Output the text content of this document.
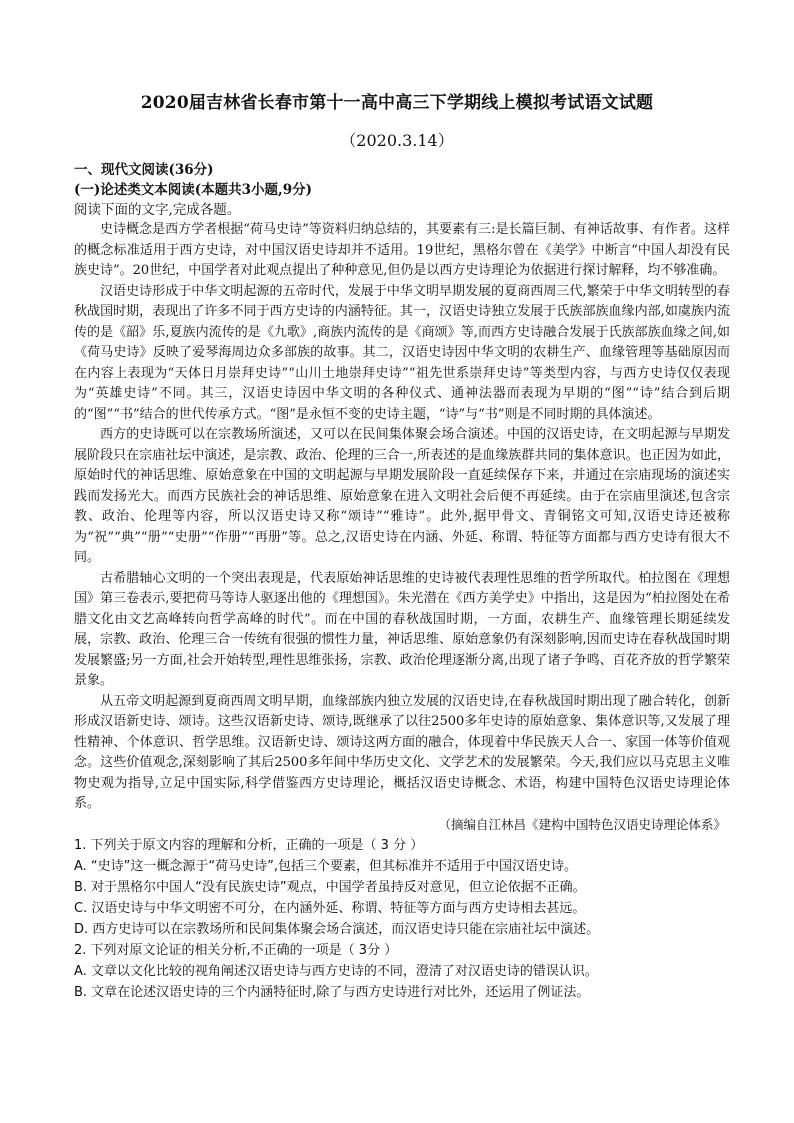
2020届吉林省长春市第十一高中高三下学期线上模拟考试语文试题
（2020.3.14）

一、现代文阅读(36分)

(一)论述类文本阅读(本题共3小题,9分)

阅读下面的文字,完成各题。

史诗概念是西方学者根据“荷马史诗”等资料归纳总结的，其要素有三:是长篇巨制、有神话故事、有作者。这样的概念标准适用于西方史诗，对中国汉语史诗却并不适用。19世纪，黑格尔曾在《美学》中断言“中国人却没有民族史诗”。20世纪，中国学者对此观点提出了种种意见,但仍是以西方史诗理论为依据进行探讨解释，均不够准确。

汉语史诗形成于中华文明起源的五帝时代，发展于中华文明早期发展的夏商西周三代,繁荣于中华文明转型的春秋战国时期，表现出了许多不同于西方史诗的内涵特征。其一，汉语史诗独立发展于氏族部族血缘内部,如虞族内流传的是《韶》乐,夏族内流传的是《九歌》,商族内流传的是《商颂》等,而西方史诗融合发展于氏族部族血缘之间,如《荷马史诗》反映了爱琴海周边众多部族的故事。其二，汉语史诗因中华文明的农耕生产、血缘管理等基础原因而在内容上表现为“天体日月崇拜史诗”“山川土地崇拜史诗”“祖先世系崇拜史诗”等类型内容，与西方史诗仅仅表现为“英雄史诗”不同。其三，汉语史诗因中华文明的各种仪式、通神法器而表现为早期的“图”“诗”结合到后期的“图”“书”结合的世代传承方式。“图”是永恒不变的史诗主题，“诗”与“书”则是不同时期的具体演述。

西方的史诗既可以在宗教场所演述，又可以在民间集体聚会场合演述。中国的汉语史诗，在文明起源与早期发展阶段只在宗庙社坛中演述，是宗教、政治、伦理的三合一,所表述的是血缘族群共同的集体意识。也正因为如此，原始时代的神话思维、原始意象在中国的文明起源与早期发展阶段一直延续保存下来，并通过在宗庙现场的演述实践而发扬光大。而西方民族社会的神话思维、原始意象在进入文明社会后便不再延续。由于在宗庙里演述,包含宗教、政治、伦理等内容，所以汉语史诗又称“颂诗”“雅诗”。此外,据甲骨文、青铜铭文可知,汉语史诗还被称为“祝”“典”“册”“史册”“作册”“再册”等。总之,汉语史诗在内涵、外延、称谓、特征等方面都与西方史诗有很大不同。

古希腊轴心文明的一个突出表现是，代表原始神话思维的史诗被代表理性思维的哲学所取代。柏拉图在《理想国》第三卷表示,要把荷马等诗人驱逐出他的《理想国》。朱光潜在《西方美学史》中指出，这是因为“柏拉图处在希腊文化由文艺高峰转向哲学高峰的时代”。而在中国的春秋战国时期，一方面，农耕生产、血缘管理长期延续发展，宗教、政治、伦理三合一传统有很强的惯性力量，神话思维、原始意象仍有深刻影响,因而史诗在春秋战国时期发展繁盛;另一方面,社会开始转型,理性思维张扬，宗教、政治伦理逐渐分离,出现了诸子争鸣、百花齐放的哲学繁荣景象。

从五帝文明起源到夏商西周文明早期，血缘部族内独立发展的汉语史诗,在春秋战国时期出现了融合转化，创新形成汉语新史诗、颂诗。这些汉语新史诗、颂诗,既继承了以往2500多年史诗的原始意象、集体意识等,又发展了理性精神、个体意识、哲学思维。汉语新史诗、颂诗这两方面的融合，体现着中华民族天人合一、家国一体等价值观念。这些价值观念,深刻影响了其后2500多年间中华历史文化、文学艺术的发展繁荣。今天,我们应以马克思主义唯物史观为指导,立足中国实际,科学借鉴西方史诗理论，概括汉语史诗概念、术语，构建中国特色汉语史诗理论体系。

（摘编自江林昌《建构中国特色汉语史诗理论体系》

1. 下列关于原文内容的理解和分析，正确的一项是（ 3 分 ）

A. “史诗”这一概念源于“荷马史诗”,包括三个要素，但其标准并不适用于中国汉语史诗。

B. 对于黑格尔中国人“没有民族史诗”观点，中国学者虽持反对意见，但立论依据不正确。

C. 汉语史诗与中华文明密不可分，在内涵外延、称谓、特征等方面与西方史诗相去甚远。

D. 西方史诗可以在宗教场所和民间集体聚会场合演述，而汉语史诗只能在宗庙社坛中演述。

2. 下列对原文论证的相关分析,不正确的一项是（ 3分 ）

A. 文章以文化比较的视角阐述汉语史诗与西方史诗的不同，澄清了对汉语史诗的错误认识。

B. 文章在论述汉语史诗的三个内涵特征时,除了与西方史诗进行对比外，还运用了例证法。
